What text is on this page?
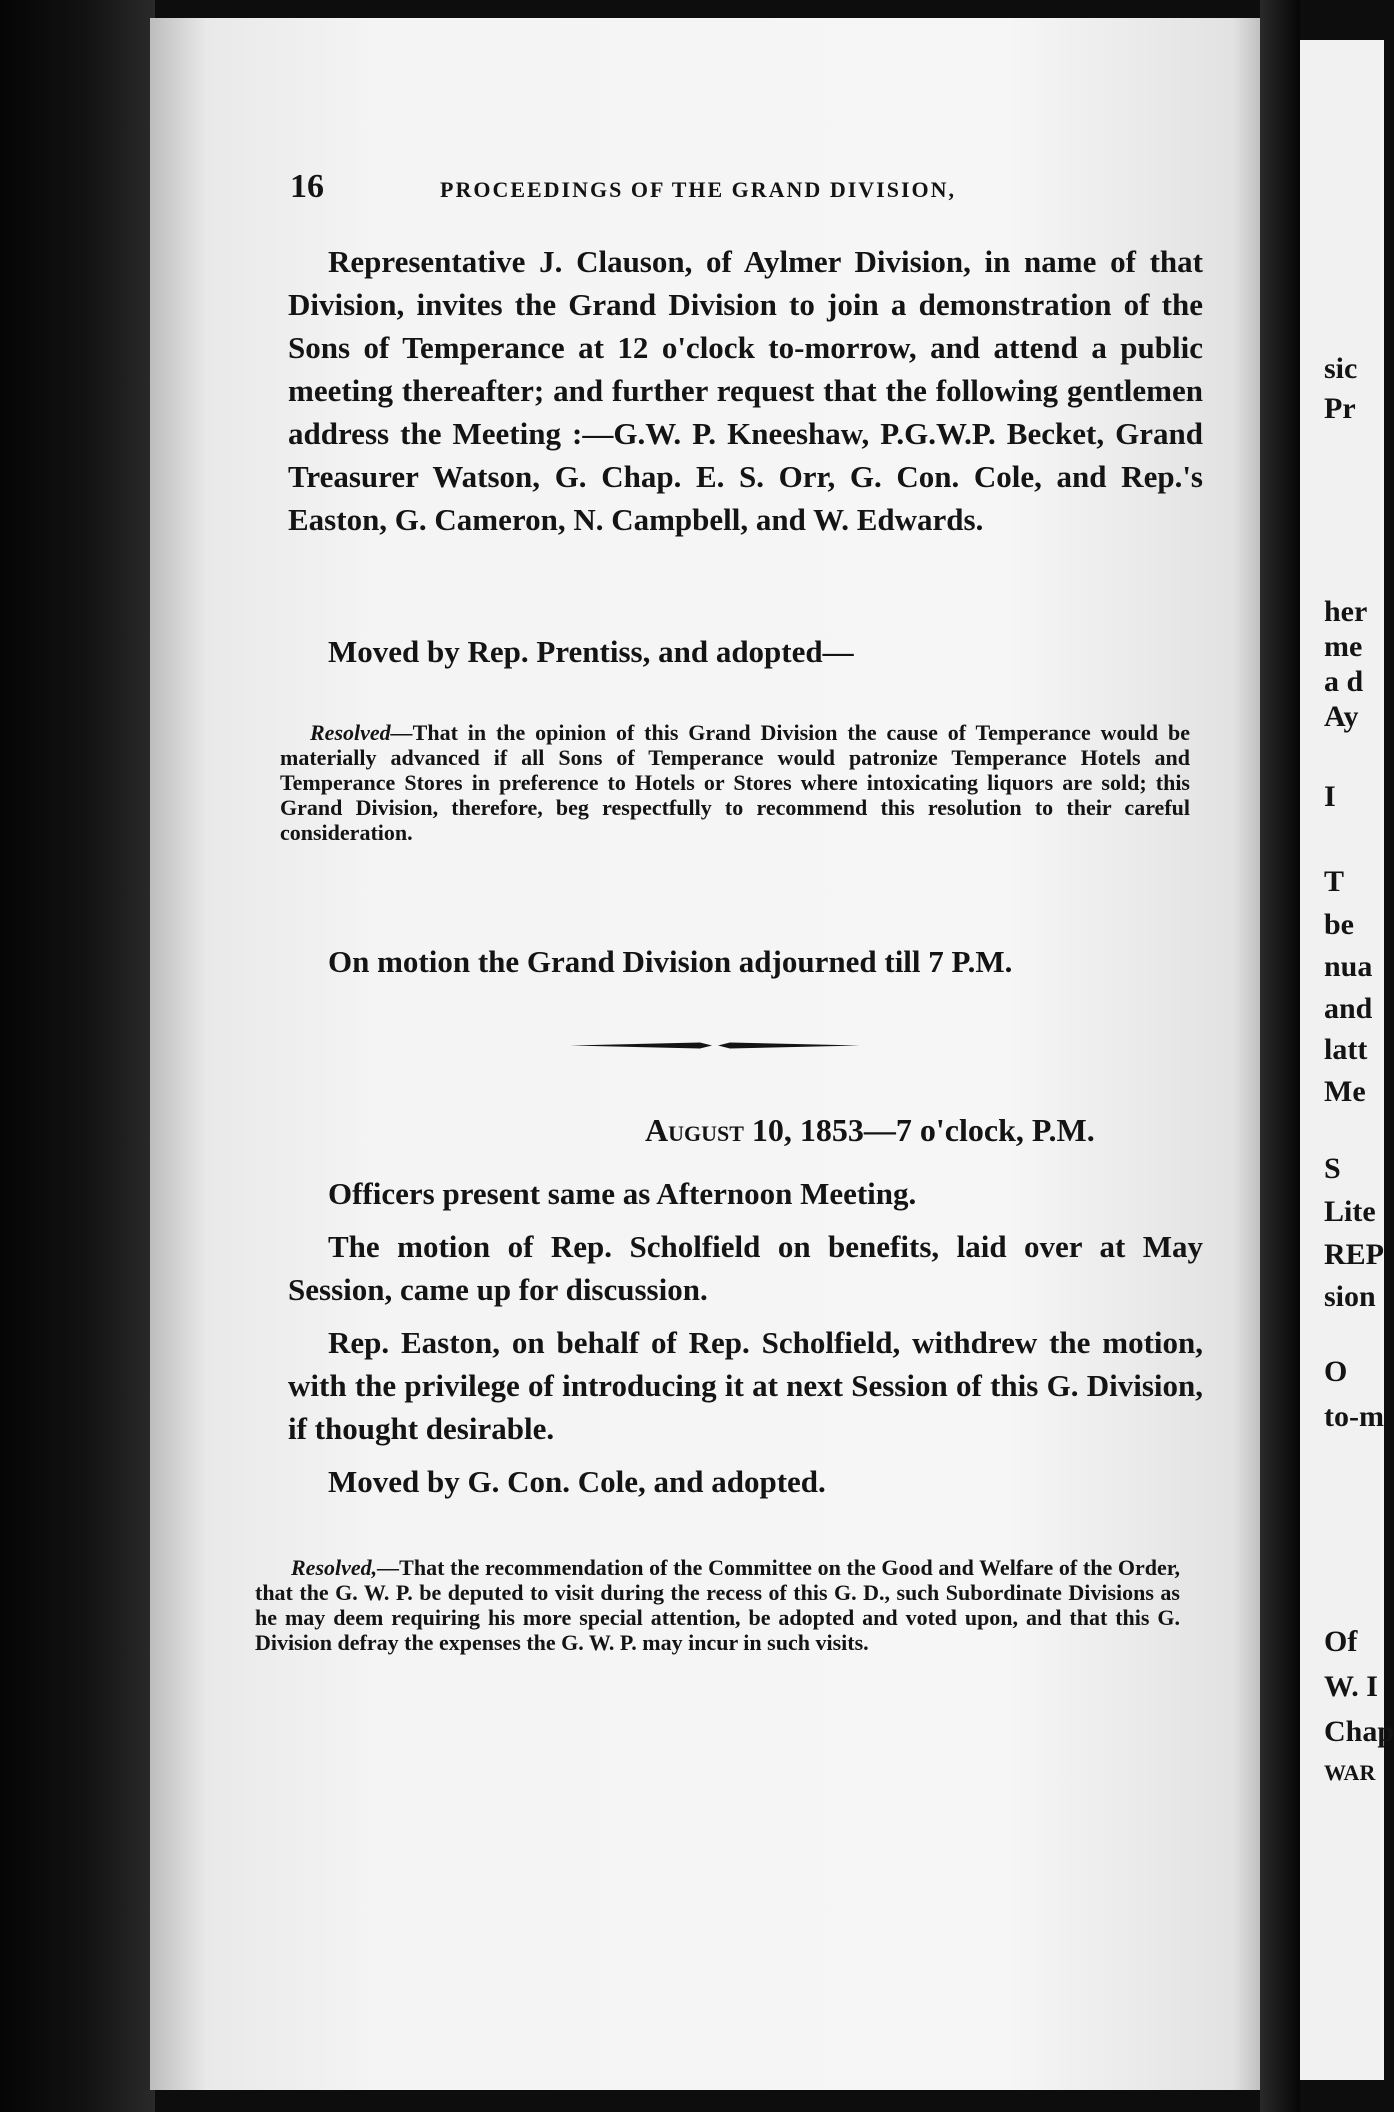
16	PROCEEDINGS OF THE GRAND DIVISION,

Representative J. Clauson, of Aylmer Division, in name of that Division, invites the Grand Division to join a demonstration of the Sons of Temperance at 12 o'clock to-morrow, and attend a public meeting thereafter; and further request that the following gentlemen address the Meeting :—G.W. P. Kneeshaw, P.G.W.P. Becket, Grand Treasurer Watson, G. Chap. E. S. Orr, G. Con. Cole, and Rep.'s Easton, G. Cameron, N. Campbell, and W. Edwards.

Moved by Rep. Prentiss, and adopted—

Resolved—That in the opinion of this Grand Division the cause of Temperance would be materially advanced if all Sons of Temperance would patronize Temperance Hotels and Temperance Stores in preference to Hotels or Stores where intoxicating liquors are sold; this Grand Division, therefore, beg respectfully to recommend this resolution to their careful consideration.

On motion the Grand Division adjourned till 7 P.M.

August 10, 1853—7 o'clock, P.M.

Officers present same as Afternoon Meeting.

The motion of Rep. Scholfield on benefits, laid over at May Session, came up for discussion.

Rep. Easton, on behalf of Rep. Scholfield, withdrew the motion, with the privilege of introducing it at next Session of this G. Division, if thought desirable.

Moved by G. Con. Cole, and adopted.

Resolved,—That the recommendation of the Committee on the Good and Welfare of the Order, that the G. W. P. be deputed to visit during the recess of this G. D., such Subordinate Divisions as he may deem requiring his more special attention, be adopted and voted upon, and that this G. Division defray the expenses the G. W. P. may incur in such visits.

sic
Pr
her
me
a d
Ay
I
T
be
nua
and
latt
Me
S
Lite
REP
sion
O
to-m
Of
W. I
Chap
WAR
